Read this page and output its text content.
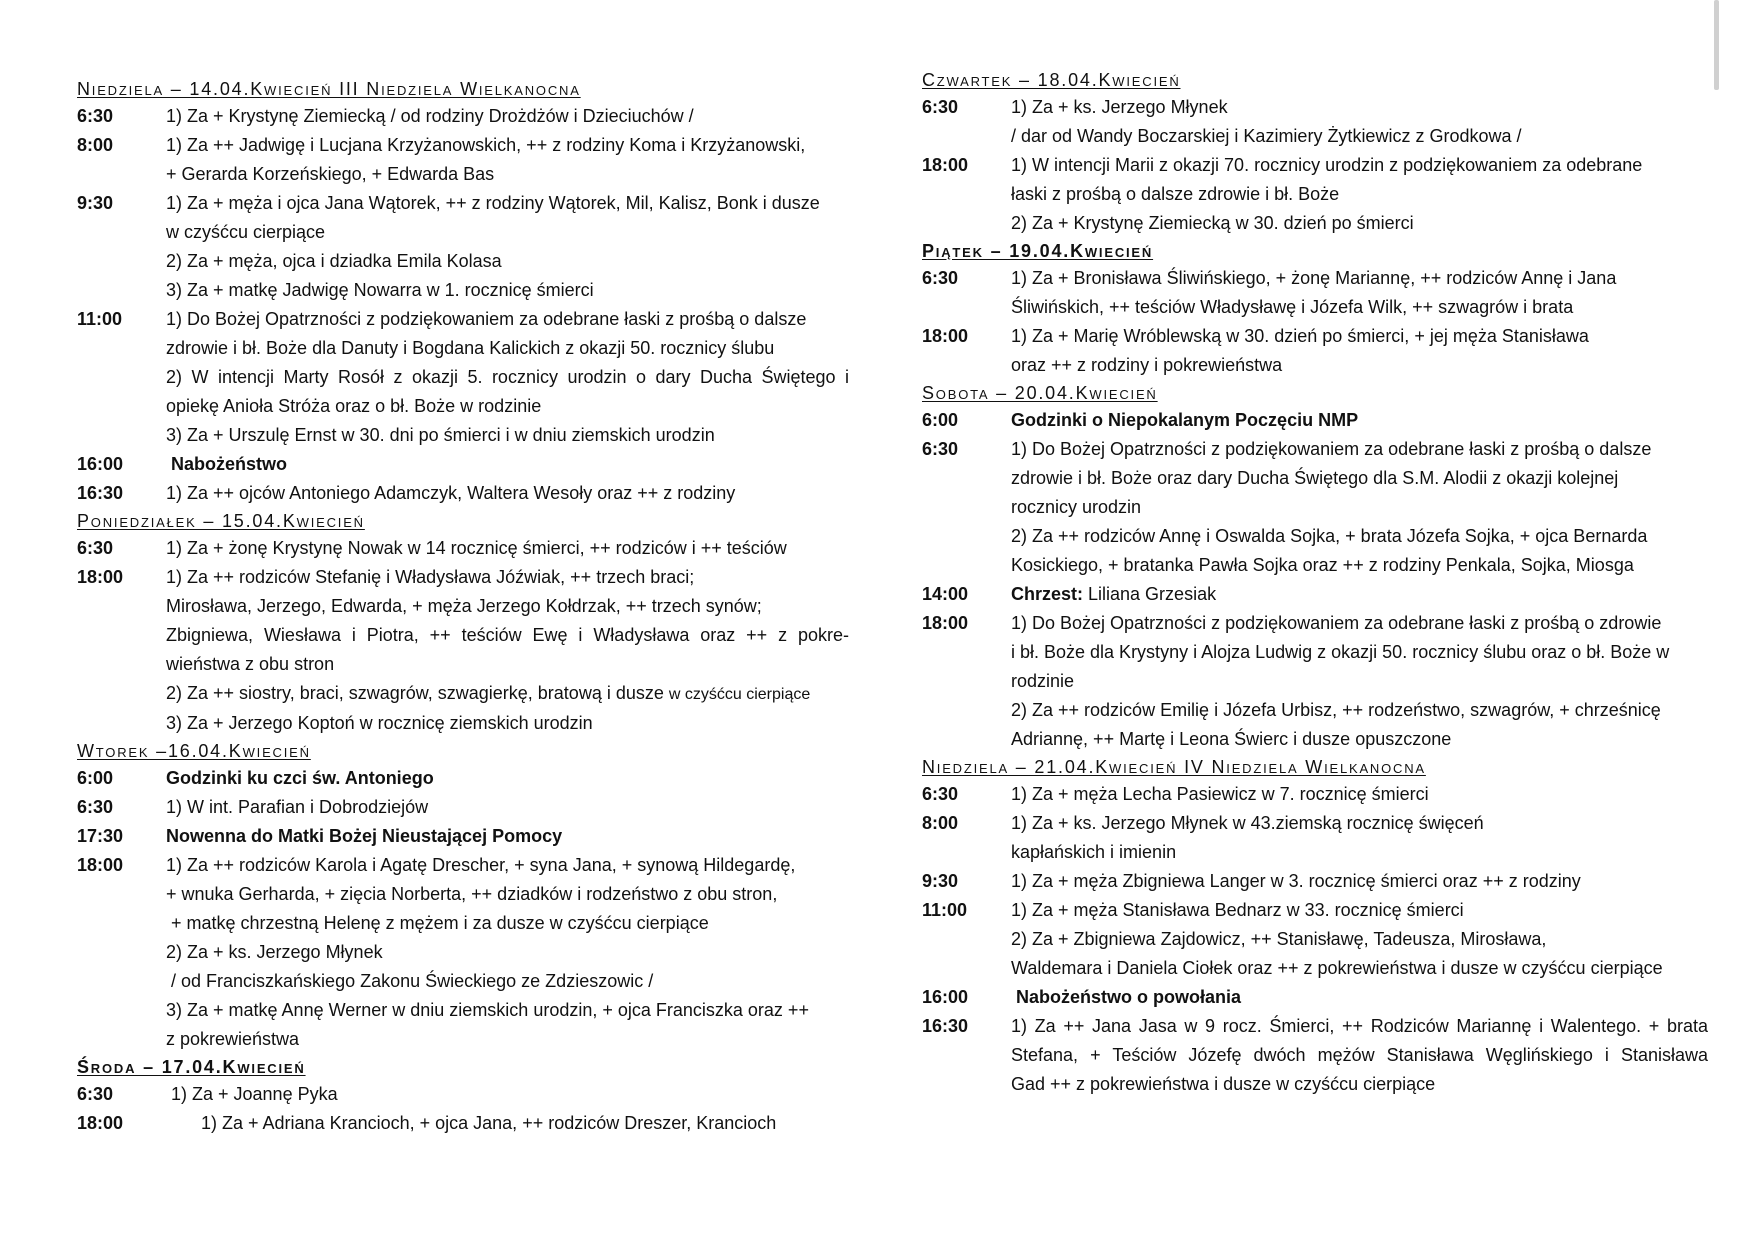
Niedziela – 14.04.Kwiecień III Niedziela Wielkanocna
6:30	1) Za + Krystynę Ziemiecką / od rodziny Drożdżów i Dzieciuchów /
8:00	1) Za ++ Jadwigę i Lucjana Krzyżanowskich, ++ z rodziny Koma i Krzyżanowski,
+ Gerarda Korzeńskiego, + Edwarda Bas
9:30	1) Za + męża i ojca Jana Wątorek, ++ z rodziny Wątorek, Mil, Kalisz, Bonk i dusze
w czyśćcu cierpiące
2) Za + męża, ojca i dziadka Emila Kolasa
3) Za + matkę Jadwigę Nowarra w 1. rocznicę śmierci
11:00	1) Do Bożej Opatrzności z podziękowaniem za odebrane łaski z prośbą o dalsze
zdrowie i bł. Boże dla Danuty i Bogdana Kalickich z okazji 50. rocznicy ślubu
2) W intencji Marty Rosół z okazji 5. rocznicy urodzin o dary Ducha Świętego i
opiekę Anioła Stróża oraz o bł. Boże w rodzinie
3) Za + Urszulę Ernst w 30. dni po śmierci i w dniu ziemskich urodzin
16:00	Nabożeństwo
16:30	1) Za ++ ojców Antoniego Adamczyk, Waltera Wesoły oraz ++ z rodziny
Poniedziałek – 15.04.Kwiecień
6:30	1) Za + żonę Krystynę Nowak w 14 rocznicę śmierci, ++ rodziców i ++ teściów
18:00	1) Za ++ rodziców Stefanię i Władysława Jóźwiak, ++ trzech braci;
Mirosława, Jerzego, Edwarda, + męża Jerzego Kołdrzak, ++ trzech synów;
Zbigniewa, Wiesława i Piotra, ++ teściów Ewę i Władysława oraz ++ z pokre-
wieństwa z obu stron
2) Za ++ siostry, braci, szwagrów, szwagierkę, bratową i dusze w czyśćcu cierpiące
3) Za + Jerzego Koptoń w rocznicę ziemskich urodzin
Wtorek –16.04.Kwiecień
6:00	Godzinki ku czci św. Antoniego
6:30	1) W int. Parafian i Dobrodziejów
17:30	Nowenna do Matki Bożej Nieustającej Pomocy
18:00	1) Za ++ rodziców Karola i Agatę Drescher, + syna Jana, + synową Hildegardę,
+ wnuka Gerharda, + zięcia Norberta, ++ dziadków i rodzeństwo z obu stron,
+ matkę chrzestną Helenę z mężem i za dusze w czyśćcu cierpiące
2) Za + ks. Jerzego Młynek
/ od Franciszkańskiego Zakonu Świeckiego ze Zdzieszowic /
3) Za + matkę Annę Werner w dniu ziemskich urodzin, + ojca Franciszka oraz ++
z pokrewieństwa
Środa – 17.04.Kwiecień
6:30	1) Za + Joannę Pyka
18:00	1) Za + Adriana Krancioch, + ojca Jana, ++ rodziców Dreszer, Krancioch
Czwartek – 18.04.Kwiecień
6:30	1) Za + ks. Jerzego Młynek
/ dar od Wandy Boczarskiej i Kazimiery Żytkiewicz z Grodkowa /
18:00	1) W intencji Marii z okazji 70. rocznicy urodzin z podziękowaniem za odebrane
łaski z prośbą o dalsze zdrowie i bł. Boże
2) Za + Krystynę Ziemiecką w 30. dzień po śmierci
Piątek – 19.04.Kwiecień
6:30	1) Za + Bronisława Śliwińskiego, + żonę Mariannę, ++ rodziców Annę i Jana
Śliwińskich, ++ teściów Władysławę i Józefa Wilk, ++ szwagrów i brata
18:00	1) Za + Marię Wróblewską w 30. dzień po śmierci, + jej męża Stanisława
oraz ++ z rodziny i pokrewieństwa
Sobota – 20.04.Kwiecień
6:00	Godzinki o Niepokalanym Poczęciu NMP
6:30	1) Do Bożej Opatrzności z podziękowaniem za odebrane łaski z prośbą o dalsze
zdrowie i bł. Boże oraz dary Ducha Świętego dla S.M. Alodii z okazji kolejnej
rocznicy urodzin
2) Za ++ rodziców Annę i Oswalda Sojka, + brata Józefa Sojka, + ojca Bernarda
Kosickiego, + bratanka Pawła Sojka oraz ++ z rodziny Penkala, Sojka, Miosga
14:00	Chrzest: Liliana Grzesiak
18:00	1) Do Bożej Opatrzności z podziękowaniem za odebrane łaski z prośbą o zdrowie
i bł. Boże dla Krystyny i Alojza Ludwig z okazji 50. rocznicy ślubu oraz o bł. Boże w
rodzinie
2) Za ++ rodziców Emilię i Józefa Urbisz, ++ rodzeństwo, szwagrów, + chrześnicę
Adriannę, ++ Martę i Leona Świerc i dusze opuszczone
Niedziela – 21.04.Kwiecień IV Niedziela Wielkanocna
6:30	1) Za + męża Lecha Pasiewicz w 7. rocznicę śmierci
8:00	1) Za + ks. Jerzego Młynek w 43.ziemską rocznicę święceń
kapłańskich i imienin
9:30	1) Za + męża Zbigniewa Langer w 3. rocznicę śmierci oraz ++ z rodziny
11:00	1) Za + męża Stanisława Bednarz w 33. rocznicę śmierci
2) Za + Zbigniewa Zajdowicz, ++ Stanisławę, Tadeusza, Mirosława,
Waldemara i Daniela Ciołek oraz ++ z pokrewieństwa i dusze w czyśćcu cierpiące
16:00	Nabożeństwo o powołania
16:30	1) Za ++ Jana Jasa w 9 rocz. Śmierci, ++ Rodziców Mariannę i Walentego. + brata
Stefana, + Teściów Józefę dwóch mężów Stanisława Węglińskiego i Stanisława
Gad ++ z pokrewieństwa i dusze w czyśćcu cierpiące
